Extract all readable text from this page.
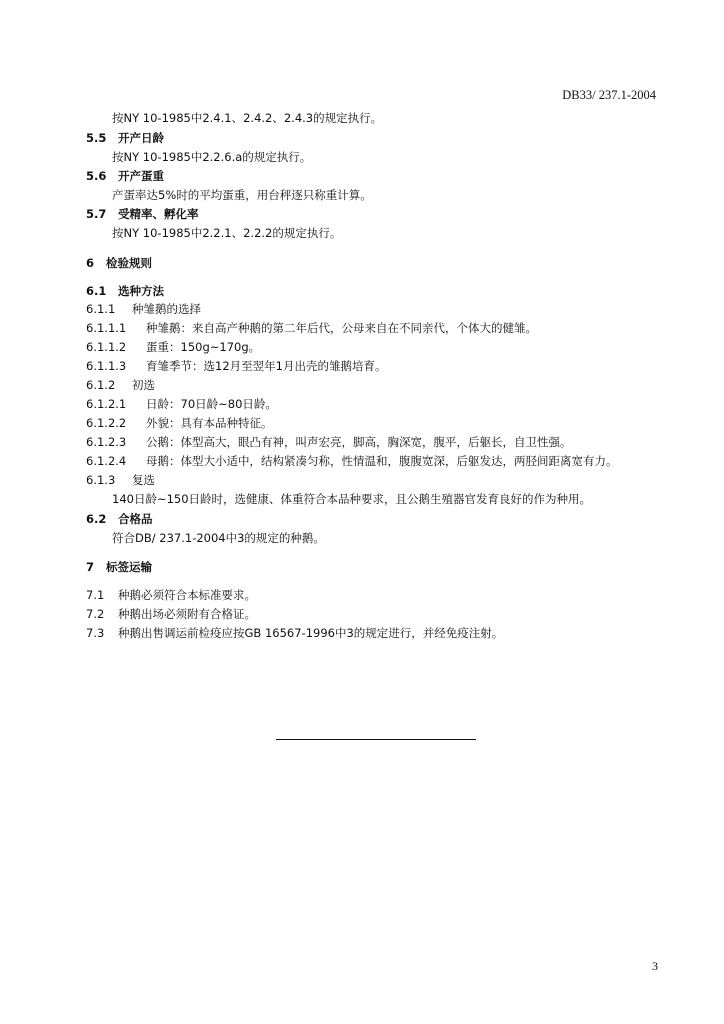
DB33/ 237.1-2004
按NY 10-1985中2.4.1、2.4.2、2.4.3的规定执行。
5.5 开产日龄
按NY 10-1985中2.2.6.a的规定执行。
5.6 开产蛋重
产蛋率达5%时的平均蛋重，用台秤逐只称重计算。
5.7 受精率、孵化率
按NY 10-1985中2.2.1、2.2.2的规定执行。
6 检验规则
6.1 选种方法
6.1.1 种雏鹅的选择
6.1.1.1 种雏鹅：来自高产种鹅的第二年后代，公母来自在不同亲代，个体大的健雏。
6.1.1.2 蛋重：150g~170g。
6.1.1.3 育雏季节：选12月至翌年1月出壳的雏鹅培育。
6.1.2 初选
6.1.2.1 日龄：70日龄~80日龄。
6.1.2.2 外貌：具有本品种特征。
6.1.2.3 公鹅：体型高大，眼凸有神，叫声宏亮，脚高，胸深宽，腹平，后躯长，自卫性强。
6.1.2.4 母鹅：体型大小适中，结构紧凑匀称，性情温和，腹腹宽深，后躯发达，两胫间距离宽有力。
6.1.3 复选
140日龄~150日龄时，选健康、体重符合本品种要求，且公鹅生殖器官发育良好的作为种用。
6.2 合格品
符合DB/ 237.1-2004中3的规定的种鹅。
7 标签运输
7.1 种鹅必须符合本标准要求。
7.2 种鹅出场必须附有合格证。
7.3 种鹅出售调运前检疫应按GB 16567-1996中3的规定进行，并经免疫注射。
3
